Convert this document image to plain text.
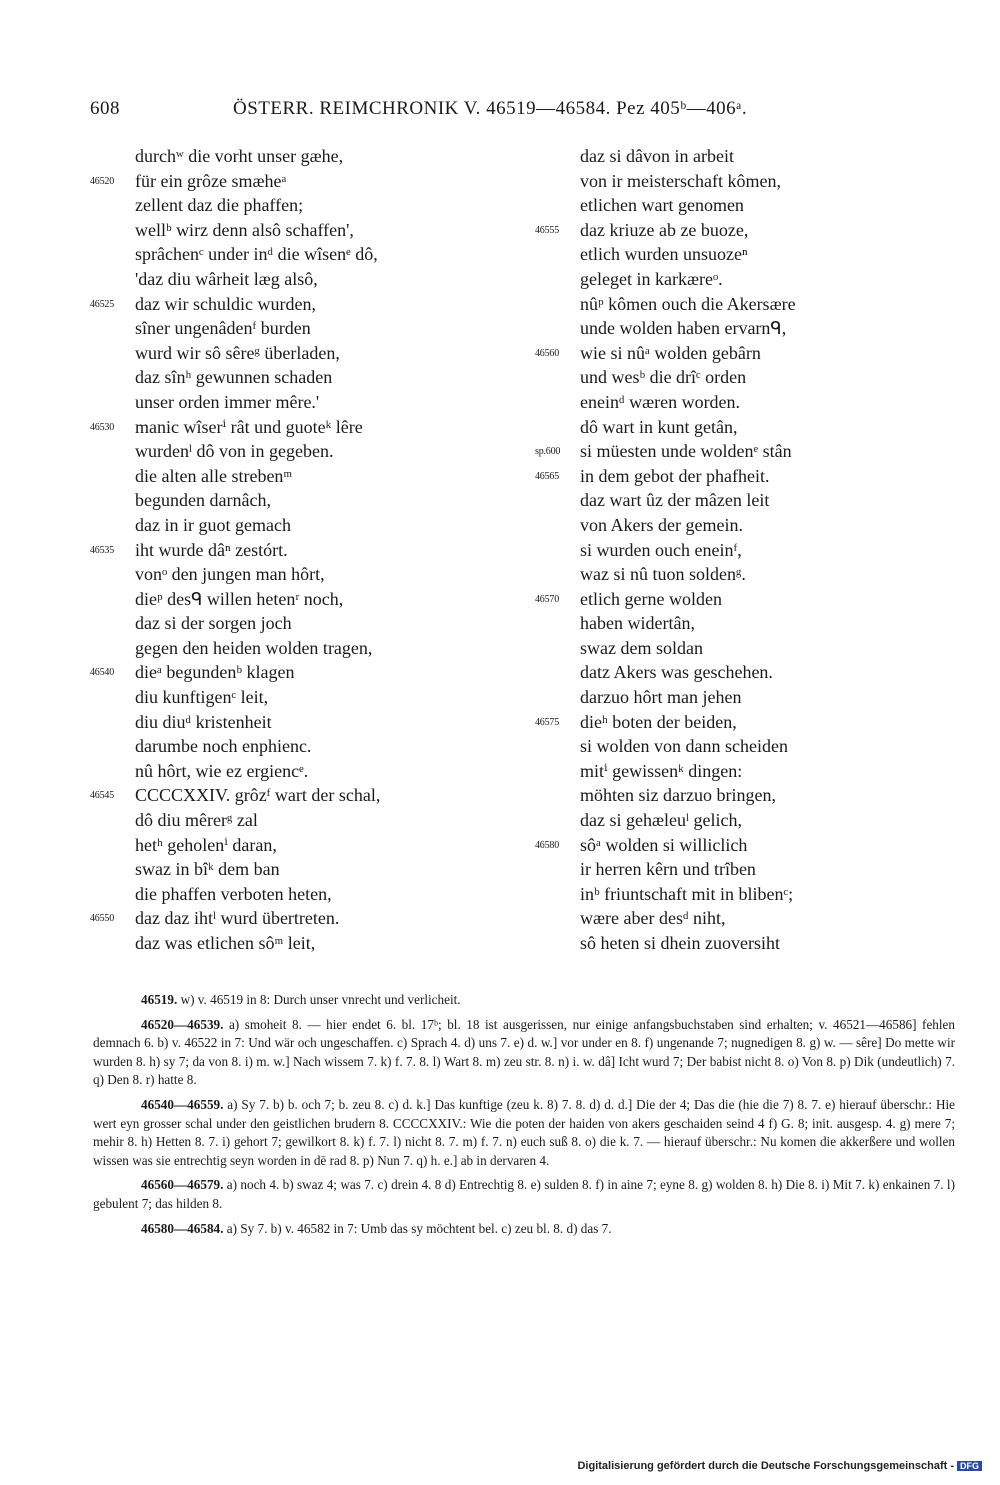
608	ÖSTERR. REIMCHRONIK V. 46519—46584. Pez 405ᵇ—406ᵃ.
durchʷ die vorht unser gæhe,
46520	für ein grôze smæheᵃ
zellent daz die phaffen;
wellᵇ wirz denn alsô schaffen',
sprâchenᶜ under inᵈ die wîsenᵉ dô,
'daz diu wârheit læg alsô,
46525	daz wir schuldic wurden,
sîner ungenâdenᶠ burden
wurd wir sô sêreᵍ überladen,
daz sînʰ gewunnen schaden
unser orden immer mêre.'
46530	manic wîserⁱ rât und guoteᵏ lêre
wurdenˡ dô von in gegeben.
die alten alle strebenᵐ
begunden darnâch,
daz in ir guot gemach
46535	iht wurde dâⁿ zestórt.
vonᵒ den jungen man hôrt,
dieᵖ desᑫ willen hetenʳ noch,
daz si der sorgen joch
gegen den heiden wolden tragen,
46540	dieᵃ begundenᵇ klagen
diu kunftigenᶜ leit,
diu diuᵈ kristenheit
darumbe noch enphienc.
nû hôrt, wie ez ergiencᵉ.
46545	CCCCXXIV. grôzᶠ wart der schal,
dô diu mêrerᵍ zal
hetʰ geholenⁱ daran,
swaz in bîᵏ dem ban
die phaffen verboten heten,
46550	daz daz ihtˡ wurd übertreten.
daz was etlichen sôᵐ leit,
daz si dâvon in arbeit
von ir meisterschaft kômen,
etlichen wart genomen
46555	daz kriuze ab ze buoze,
etlich wurden unsuozeⁿ
geleget in karkæreᵒ.
nûᵖ kômen ouch die Akersære
unde wolden haben ervarnᑫ,
46560	wie si nûᵃ wolden gebârn
und wesᵇ die drîᶜ orden
eneinᵈ wæren worden.
dô wart in kunt getân,
sp.600	si müesten unde woldenᵉ stân
46565	in dem gebot der phafheit.
daz wart ûz der mâzen leit
von Akers der gemein.
si wurden ouch eneinᶠ,
waz si nû tuon soldenᵍ.
46570	etlich gerne wolden
haben widertân,
swaz dem soldan
datz Akers was geschehen.
darzuo hôrt man jehen
46575	dieʰ boten der beiden,
si wolden von dann scheiden
mitⁱ gewissenᵏ dingen:
möhten siz darzuo bringen,
daz si gehæleuˡ gelich,
46580	sôᵃ wolden si williclich
ir herren kêrn und trîben
inᵇ friuntschaft mit in blibenᶜ;
wære aber desᵈ niht,
sô heten si dhein zuoversiht

46519. w) v. 46519 in 8: Durch unser vnrecht und verlicheit.

46520—46539. a) smoheit 8. — hier endet 6. bl. 17ᵇ; bl. 18 ist ausgerissen, nur einige anfangsbuchstaben sind erhalten; v. 46521—46586] fehlen demnach 6. b) v. 46522 in 7: Und wär och ungeschaffen. c) Sprach 4. d) uns 7. e) d. w.] vor under en 8. f) ungenande 7; nugnedigen 8. g) w. — sêre] Do mette wir wurden 8. h) sy 7; da von 8. i) m. w.] Nach wissem 7. k) f. 7. 8. l) Wart 8. m) zeu str. 8. n) i. w. dâ] Icht wurd 7; Der babist nicht 8. o) Von 8. p) Dik (undeutlich) 7. q) Den 8. r) hatte 8.

46540—46559. a) Sy 7. b) b. och 7; b. zeu 8. c) d. k.] Das kunftige (zeu k. 8) 7. 8. d) d. d.] Die der 4; Das die (hie die 7) 8. 7. e) hierauf überschr.: Hie wert eyn grosser schal under den geistlichen brudern 8. CCCCXXIV.: Wie die poten der haiden von akers geschaiden seind 4 f) G. 8; init. ausgesp. 4. g) mere 7; mehir 8. h) Hetten 8. 7. i) gehort 7; gewilkort 8. k) f. 7. l) nicht 8. 7. m) f. 7. n) euch suß 8. o) die k. 7. — hierauf überschr.: Nu komen die akkerßere und wollen wissen was sie entrechtig seyn worden in dē rad 8. p) Nun 7. q) h. e.] ab in dervaren 4.

46560—46579. a) noch 4. b) swaz 4; was 7. c) drein 4. 8 d) Entrechtig 8. e) sulden 8. f) in aine 7; eyne 8. g) wolden 8. h) Die 8. i) Mit 7. k) enkainen 7. l) gebulent 7; das hilden 8.

46580—46584. a) Sy 7. b) v. 46582 in 7: Umb das sy möchtent bel. c) zeu bl. 8. d) das 7.

Digitalisierung gefördert durch die Deutsche Forschungsgemeinschaft - DFG
